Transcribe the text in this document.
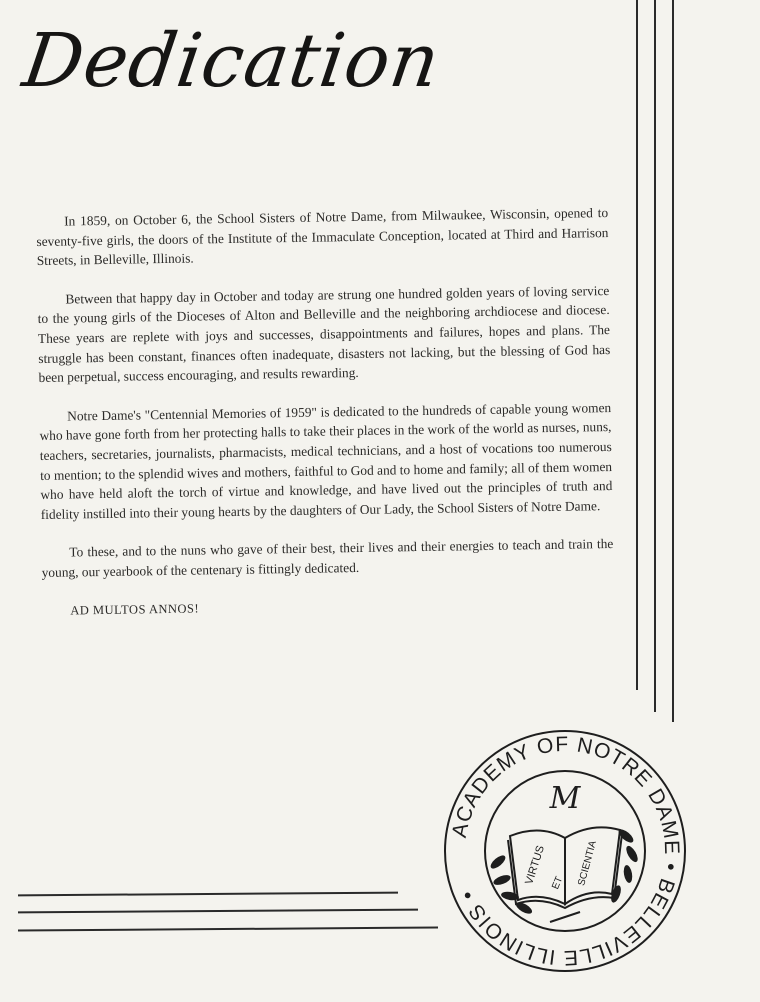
Dedication

In 1859, on October 6, the School Sisters of Notre Dame, from Milwaukee, Wisconsin, opened to seventy-five girls, the doors of the Institute of the Immaculate Conception, located at Third and Harrison Streets, in Belleville, Illinois.

Between that happy day in October and today are strung one hundred golden years of loving service to the young girls of the Dioceses of Alton and Belleville and the neighboring archdiocese and diocese. These years are replete with joys and successes, disappointments and failures, hopes and plans. The struggle has been constant, finances often inadequate, disasters not lacking, but the blessing of God has been perpetual, success encouraging, and results rewarding.

Notre Dame's "Centennial Memories of 1959" is dedicated to the hundreds of capable young women who have gone forth from her protecting halls to take their places in the work of the world as nurses, nuns, teachers, secretaries, journalists, pharmacists, medical technicians, and a host of vocations too numerous to mention; to the splendid wives and mothers, faithful to God and to home and family; all of them women who have held aloft the torch of virtue and knowledge, and have lived out the principles of truth and fidelity instilled into their young hearts by the daughters of Our Lady, the School Sisters of Notre Dame.

To these, and to the nuns who gave of their best, their lives and their energies to teach and train the young, our yearbook of the centenary is fittingly dedicated.

AD MULTOS ANNOS!

ACADEMY OF NOTRE DAME • BELLEVILLE ILLINOIS •
M
VIRTUS ET SCIENTIA
